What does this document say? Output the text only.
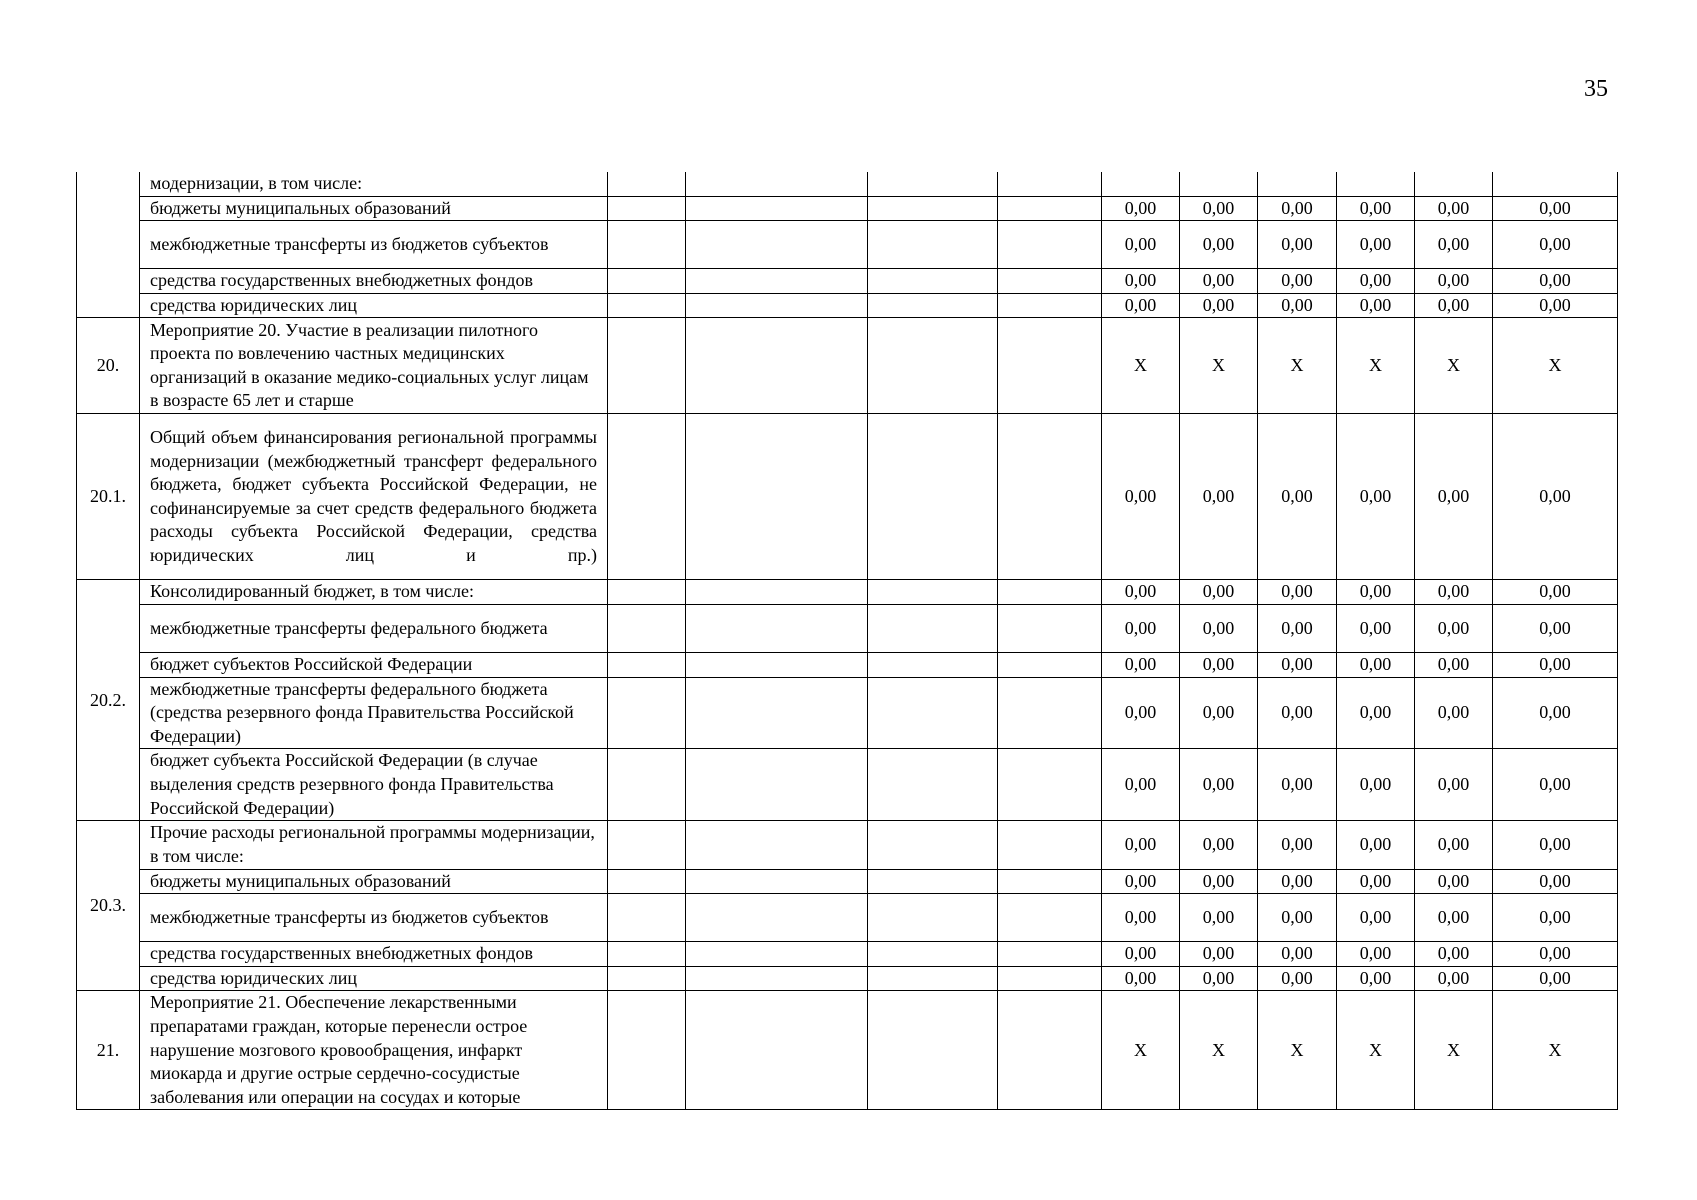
35
	модернизации, в том числе:										
	бюджеты муниципальных образований					0,00	0,00	0,00	0,00	0,00	0,00
	межбюджетные трансферты из бюджетов субъектов					0,00	0,00	0,00	0,00	0,00	0,00
	средства государственных внебюджетных фондов					0,00	0,00	0,00	0,00	0,00	0,00
	средства юридических лиц					0,00	0,00	0,00	0,00	0,00	0,00
20.	Мероприятие 20. Участие в реализации пилотного проекта по вовлечению частных медицинских организаций в оказание медико-социальных услуг лицам в возрасте 65 лет и старше					Х	Х	Х	Х	Х	Х
20.1.	Общий объем финансирования региональной программы модернизации (межбюджетный трансферт федерального бюджета, бюджет субъекта Российской Федерации, не софинансируемые за счет средств федерального бюджета расходы субъекта Российской Федерации, средства юридических лиц и пр.)					0,00	0,00	0,00	0,00	0,00	0,00
20.2.	Консолидированный бюджет, в том числе:					0,00	0,00	0,00	0,00	0,00	0,00
	межбюджетные трансферты федерального бюджета					0,00	0,00	0,00	0,00	0,00	0,00
	бюджет субъектов Российской Федерации					0,00	0,00	0,00	0,00	0,00	0,00
	межбюджетные трансферты федерального бюджета (средства резервного фонда Правительства Российской Федерации)					0,00	0,00	0,00	0,00	0,00	0,00
	бюджет субъекта Российской Федерации (в случае выделения средств резервного фонда Правительства Российской Федерации)					0,00	0,00	0,00	0,00	0,00	0,00
20.3.	Прочие расходы региональной программы модернизации, в том числе:					0,00	0,00	0,00	0,00	0,00	0,00
	бюджеты муниципальных образований					0,00	0,00	0,00	0,00	0,00	0,00
	межбюджетные трансферты из бюджетов субъектов					0,00	0,00	0,00	0,00	0,00	0,00
	средства государственных внебюджетных фондов					0,00	0,00	0,00	0,00	0,00	0,00
	средства юридических лиц					0,00	0,00	0,00	0,00	0,00	0,00
21.	Мероприятие 21. Обеспечение лекарственными препаратами граждан, которые перенесли острое нарушение мозгового кровообращения, инфаркт миокарда и другие острые сердечно-сосудистые заболевания или операции на сосудах и которые					Х	Х	Х	Х	Х	Х
